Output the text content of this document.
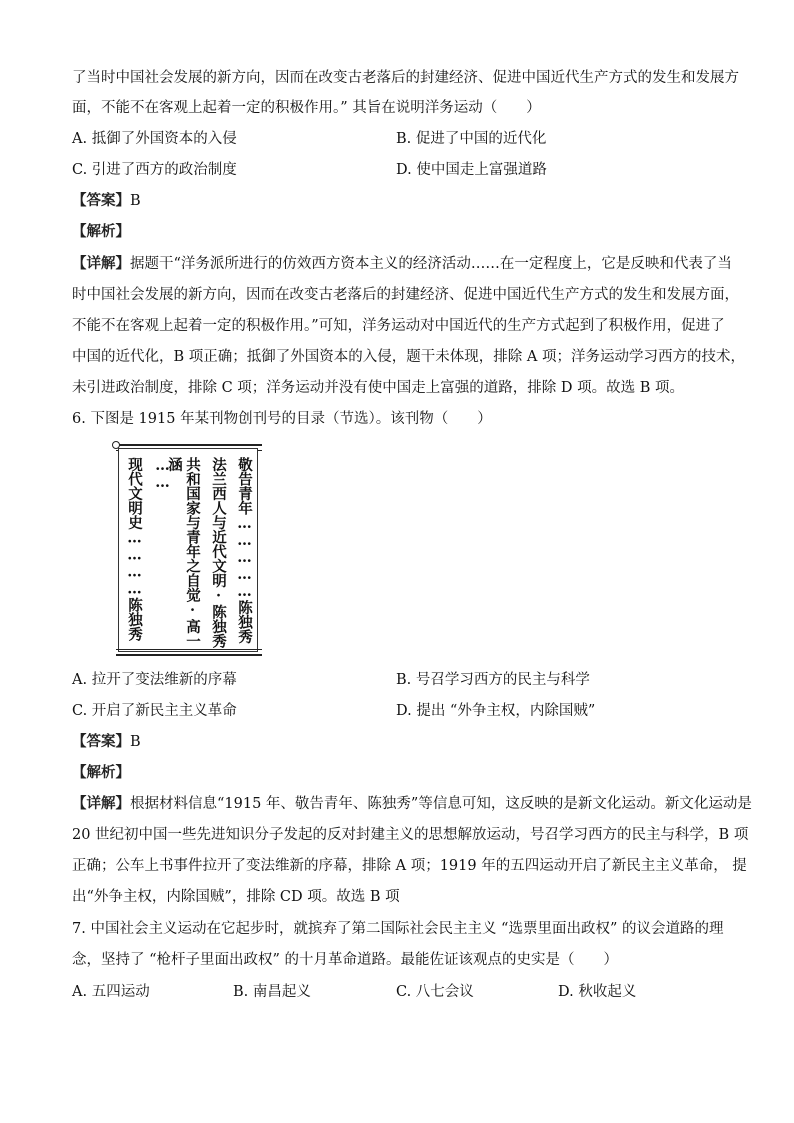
了当时中国社会发展的新方向，因而在改变古老落后的封建经济、促进中国近代生产方式的发生和发展方
面，不能不在客观上起着一定的积极作用。” 其旨在说明洋务运动（　　）
A. 抵御了外国资本的入侵	B. 促进了中国的近代化
C. 引进了西方的政治制度	D. 使中国走上富强道路
【答案】B
【解析】
【详解】据题干“洋务派所进行的仿效西方资本主义的经济活动……在一定程度上，它是反映和代表了当
时中国社会发展的新方向，因而在改变古老落后的封建经济、促进中国近代生产方式的发生和发展方面，
不能不在客观上起着一定的积极作用。”可知，洋务运动对中国近代的生产方式起到了积极作用，促进了
中国的近代化，B 项正确；抵御了外国资本的入侵，题干未体现，排除 A 项；洋务运动学习西方的技术，
未引进政治制度，排除 C 项；洋务运动并没有使中国走上富强的道路，排除 D 项。故选 B 项。
6. 下图是 1915 年某刊物创刊号的目录（节选）。该刊物（　　）
敬告青年……………陈独秀
法兰西人与近代文明·陈独秀
共和国家与青年之自觉·高一涵
……
现代文明史…………陈独秀
A. 拉开了变法维新的序幕	B. 号召学习西方的民主与科学
C. 开启了新民主主义革命	D. 提出 “外争主权，内除国贼”
【答案】B
【解析】
【详解】根据材料信息“1915 年、敬告青年、陈独秀”等信息可知，这反映的是新文化运动。新文化运动是
20 世纪初中国一些先进知识分子发起的反对封建主义的思想解放运动，号召学习西方的民主与科学，B 项
正确；公车上书事件拉开了变法维新的序幕，排除 A 项；1919 年的五四运动开启了新民主主义革命， 提
出“外争主权，内除国贼”，排除 CD 项。故选 B 项
7. 中国社会主义运动在它起步时，就摈弃了第二国际社会民主主义 “选票里面出政权” 的议会道路的理
念，坚持了 “枪杆子里面出政权” 的十月革命道路。最能佐证该观点的史实是（　　）
A. 五四运动	B. 南昌起义	C. 八七会议	D. 秋收起义
